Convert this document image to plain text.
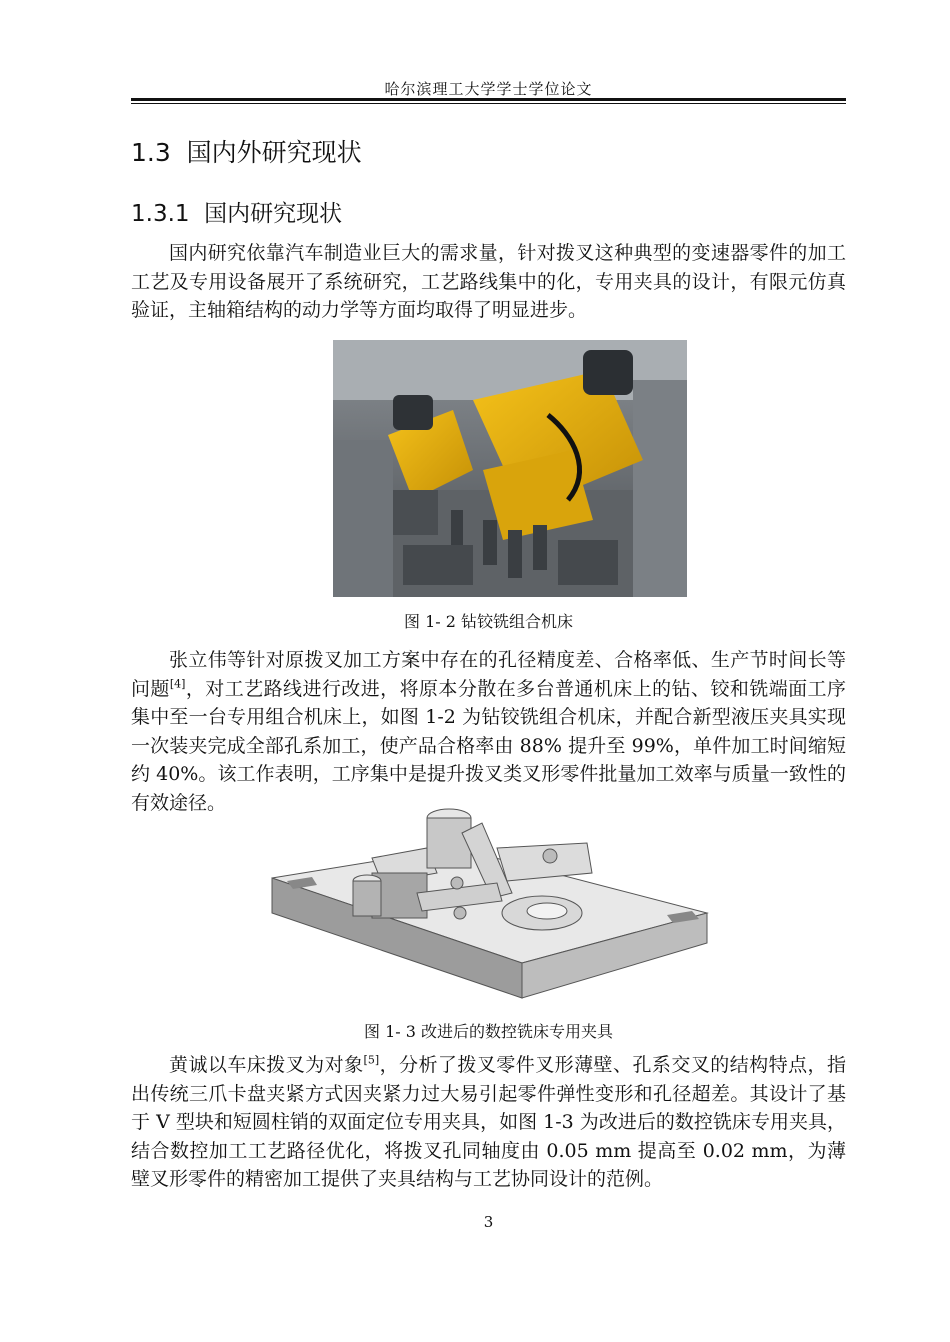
哈尔滨理工大学学士学位论文
1.3 国内外研究现状
1.3.1 国内研究现状

国内研究依靠汽车制造业巨大的需求量，针对拨叉这种典型的变速器零件的加工工艺及专用设备展开了系统研究，工艺路线集中的化，专用夹具的设计，有限元仿真验证，主轴箱结构的动力学等方面均取得了明显进步。

图 1- 2 钻铰铣组合机床

张立伟等针对原拨叉加工方案中存在的孔径精度差、合格率低、生产节时间长等问题[4]，对工艺路线进行改进，将原本分散在多台普通机床上的钻、铰和铣端面工序集中至一台专用组合机床上，如图 1-2 为钻铰铣组合机床，并配合新型液压夹具实现一次装夹完成全部孔系加工，使产品合格率由 88% 提升至 99%，单件加工时间缩短约 40%。该工作表明，工序集中是提升拨叉类叉形零件批量加工效率与质量一致性的有效途径。

图 1- 3 改进后的数控铣床专用夹具

黄诚以车床拨叉为对象[5]，分析了拨叉零件叉形薄壁、孔系交叉的结构特点，指出传统三爪卡盘夹紧方式因夹紧力过大易引起零件弹性变形和孔径超差。其设计了基于 V 型块和短圆柱销的双面定位专用夹具，如图 1-3 为改进后的数控铣床专用夹具，结合数控加工工艺路径优化，将拨叉孔同轴度由 0.05 mm 提高至 0.02 mm，为薄壁叉形零件的精密加工提供了夹具结构与工艺协同设计的范例。

3
